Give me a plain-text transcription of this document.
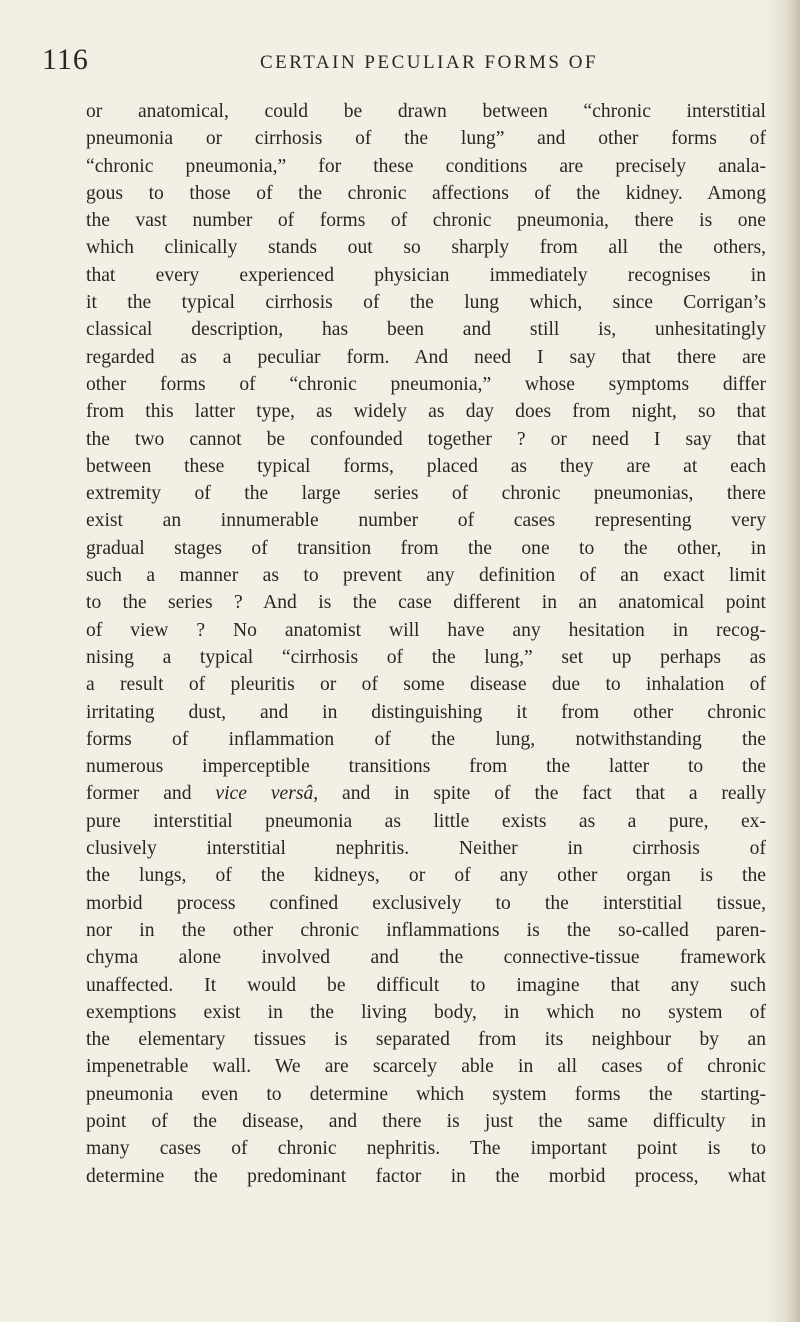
116	CERTAIN PECULIAR FORMS OF
or anatomical, could be drawn between “chronic interstitial
pneumonia or cirrhosis of the lung” and other forms of
“chronic pneumonia,” for these conditions are precisely anala-
gous to those of the chronic affections of the kidney. Among
the vast number of forms of chronic pneumonia, there is one
which clinically stands out so sharply from all the others,
that every experienced physician immediately recognises in
it the typical cirrhosis of the lung which, since Corrigan’s
classical description, has been and still is, unhesitatingly
regarded as a peculiar form. And need I say that there are
other forms of “chronic pneumonia,” whose symptoms differ
from this latter type, as widely as day does from night, so that
the two cannot be confounded together ? or need I say that
between these typical forms, placed as they are at each
extremity of the large series of chronic pneumonias, there
exist an innumerable number of cases representing very
gradual stages of transition from the one to the other, in
such a manner as to prevent any definition of an exact limit
to the series ? And is the case different in an anatomical point
of view ? No anatomist will have any hesitation in recog-
nising a typical “cirrhosis of the lung,” set up perhaps as
a result of pleuritis or of some disease due to inhalation of
irritating dust, and in distinguishing it from other chronic
forms of inflammation of the lung, notwithstanding the
numerous imperceptible transitions from the latter to the
former and vice versâ, and in spite of the fact that a really
pure interstitial pneumonia as little exists as a pure, ex-
clusively interstitial nephritis. Neither in cirrhosis of
the lungs, of the kidneys, or of any other organ is the
morbid process confined exclusively to the interstitial tissue,
nor in the other chronic inflammations is the so-called paren-
chyma alone involved and the connective-tissue framework
unaffected. It would be difficult to imagine that any such
exemptions exist in the living body, in which no system of
the elementary tissues is separated from its neighbour by an
impenetrable wall. We are scarcely able in all cases of chronic
pneumonia even to determine which system forms the starting-
point of the disease, and there is just the same difficulty in
many cases of chronic nephritis. The important point is to
determine the predominant factor in the morbid process, what
